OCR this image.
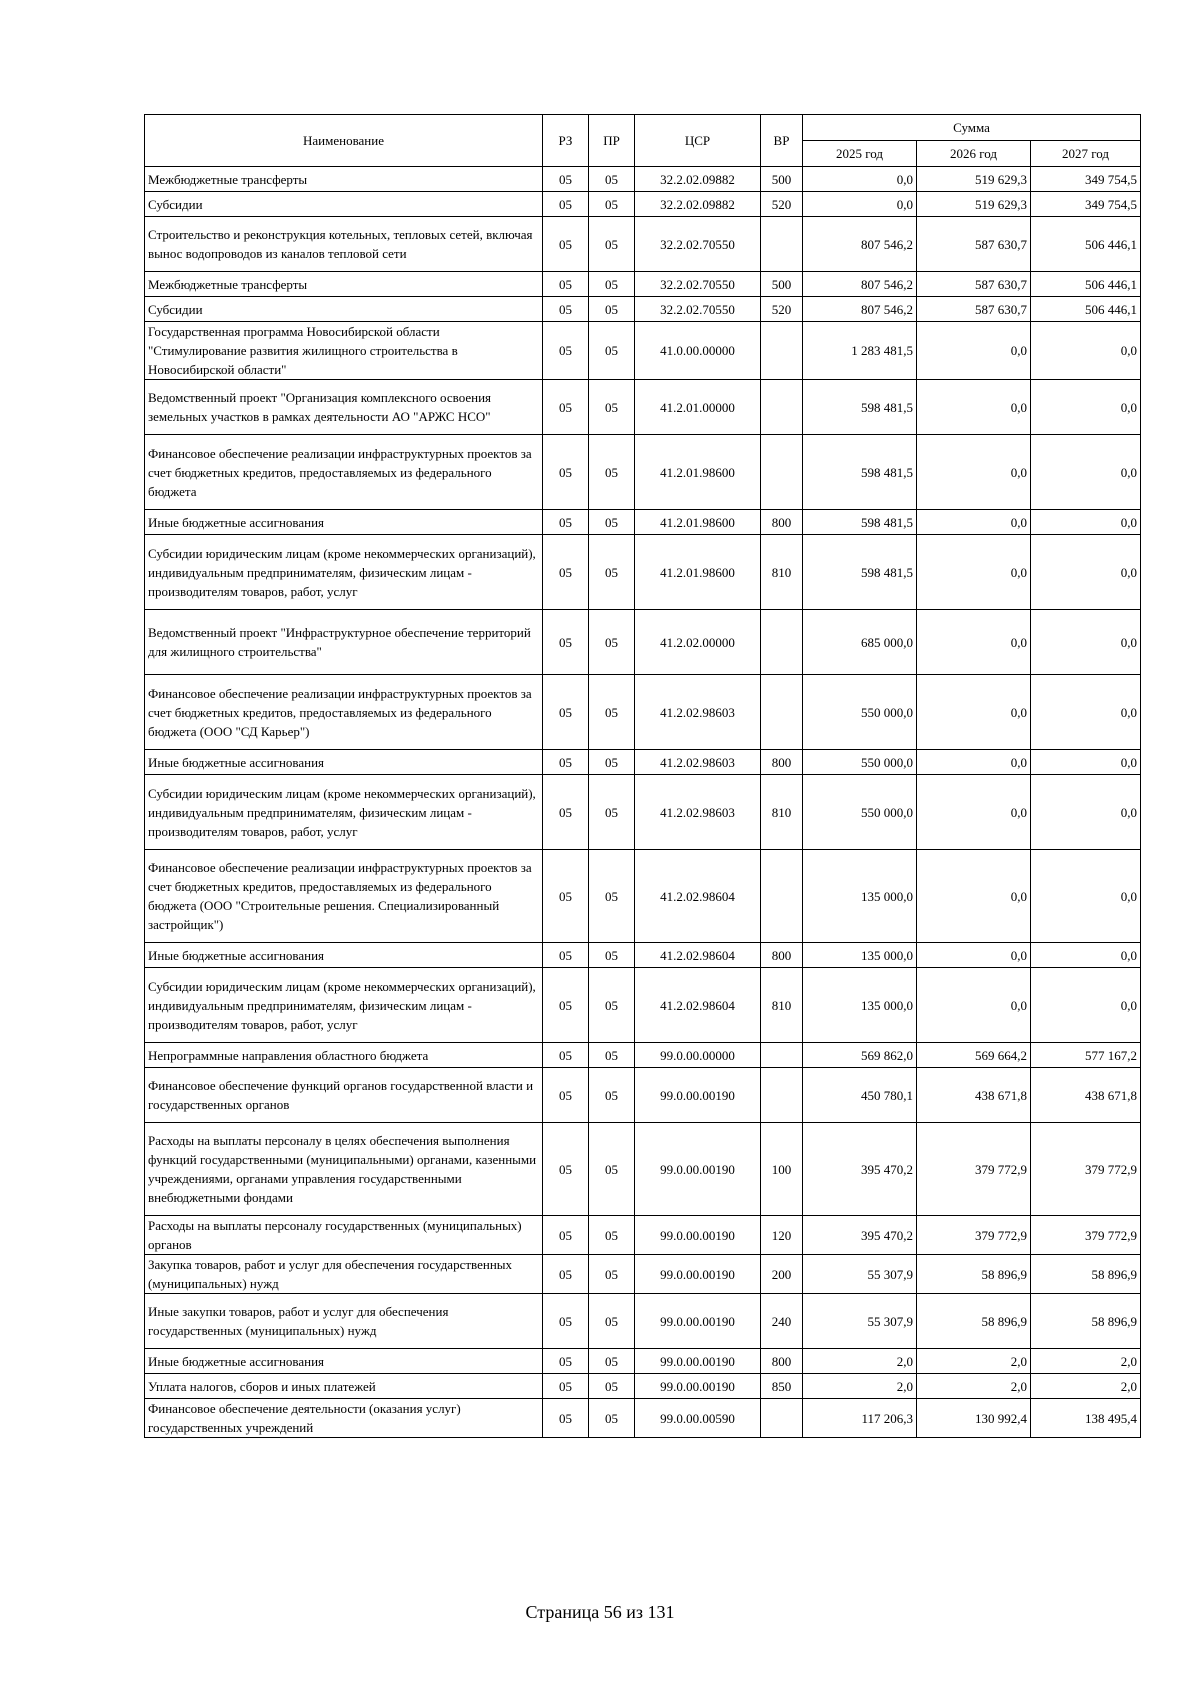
Наименование	РЗ	ПР	ЦСР	ВР	Сумма		
					2025 год	2026 год	2027 год
Межбюджетные трансферты	05	05	32.2.02.09882	500	0,0	519 629,3	349 754,5
Субсидии	05	05	32.2.02.09882	520	0,0	519 629,3	349 754,5
Строительство и реконструкция котельных, тепловых сетей, включая вынос водопроводов из каналов тепловой сети	05	05	32.2.02.70550		807 546,2	587 630,7	506 446,1
Межбюджетные трансферты	05	05	32.2.02.70550	500	807 546,2	587 630,7	506 446,1
Субсидии	05	05	32.2.02.70550	520	807 546,2	587 630,7	506 446,1
Государственная программа Новосибирской области "Стимулирование развития жилищного строительства в Новосибирской области"	05	05	41.0.00.00000		1 283 481,5	0,0	0,0
Ведомственный проект "Организация комплексного освоения земельных участков в рамках деятельности АО "АРЖС НСО"	05	05	41.2.01.00000		598 481,5	0,0	0,0
Финансовое обеспечение реализации инфраструктурных проектов за счет бюджетных кредитов, предоставляемых из федерального бюджета	05	05	41.2.01.98600		598 481,5	0,0	0,0
Иные бюджетные ассигнования	05	05	41.2.01.98600	800	598 481,5	0,0	0,0
Субсидии юридическим лицам (кроме некоммерческих организаций), индивидуальным предпринимателям, физическим лицам - производителям товаров, работ, услуг	05	05	41.2.01.98600	810	598 481,5	0,0	0,0
Ведомственный проект "Инфраструктурное обеспечение территорий для жилищного строительства"	05	05	41.2.02.00000		685 000,0	0,0	0,0
Финансовое обеспечение реализации инфраструктурных проектов за счет бюджетных кредитов, предоставляемых из федерального бюджета (ООО "СД Карьер")	05	05	41.2.02.98603		550 000,0	0,0	0,0
Иные бюджетные ассигнования	05	05	41.2.02.98603	800	550 000,0	0,0	0,0
Субсидии юридическим лицам (кроме некоммерческих организаций), индивидуальным предпринимателям, физическим лицам - производителям товаров, работ, услуг	05	05	41.2.02.98603	810	550 000,0	0,0	0,0
Финансовое обеспечение реализации инфраструктурных проектов за счет бюджетных кредитов, предоставляемых из федерального бюджета (ООО "Строительные решения. Специализированный застройщик")	05	05	41.2.02.98604		135 000,0	0,0	0,0
Иные бюджетные ассигнования	05	05	41.2.02.98604	800	135 000,0	0,0	0,0
Субсидии юридическим лицам (кроме некоммерческих организаций), индивидуальным предпринимателям, физическим лицам - производителям товаров, работ, услуг	05	05	41.2.02.98604	810	135 000,0	0,0	0,0
Непрограммные направления областного бюджета	05	05	99.0.00.00000		569 862,0	569 664,2	577 167,2
Финансовое обеспечение функций органов государственной власти и государственных органов	05	05	99.0.00.00190		450 780,1	438 671,8	438 671,8
Расходы на выплаты персоналу в целях обеспечения выполнения функций государственными (муниципальными) органами, казенными учреждениями, органами управления государственными внебюджетными фондами	05	05	99.0.00.00190	100	395 470,2	379 772,9	379 772,9
Расходы на выплаты персоналу государственных (муниципальных) органов	05	05	99.0.00.00190	120	395 470,2	379 772,9	379 772,9
Закупка товаров, работ и услуг для обеспечения государственных (муниципальных) нужд	05	05	99.0.00.00190	200	55 307,9	58 896,9	58 896,9
Иные закупки товаров, работ и услуг для обеспечения государственных (муниципальных) нужд	05	05	99.0.00.00190	240	55 307,9	58 896,9	58 896,9
Иные бюджетные ассигнования	05	05	99.0.00.00190	800	2,0	2,0	2,0
Уплата налогов, сборов и иных платежей	05	05	99.0.00.00190	850	2,0	2,0	2,0
Финансовое обеспечение деятельности (оказания услуг) государственных учреждений	05	05	99.0.00.00590		117 206,3	130 992,4	138 495,4
Страница 56 из 131
